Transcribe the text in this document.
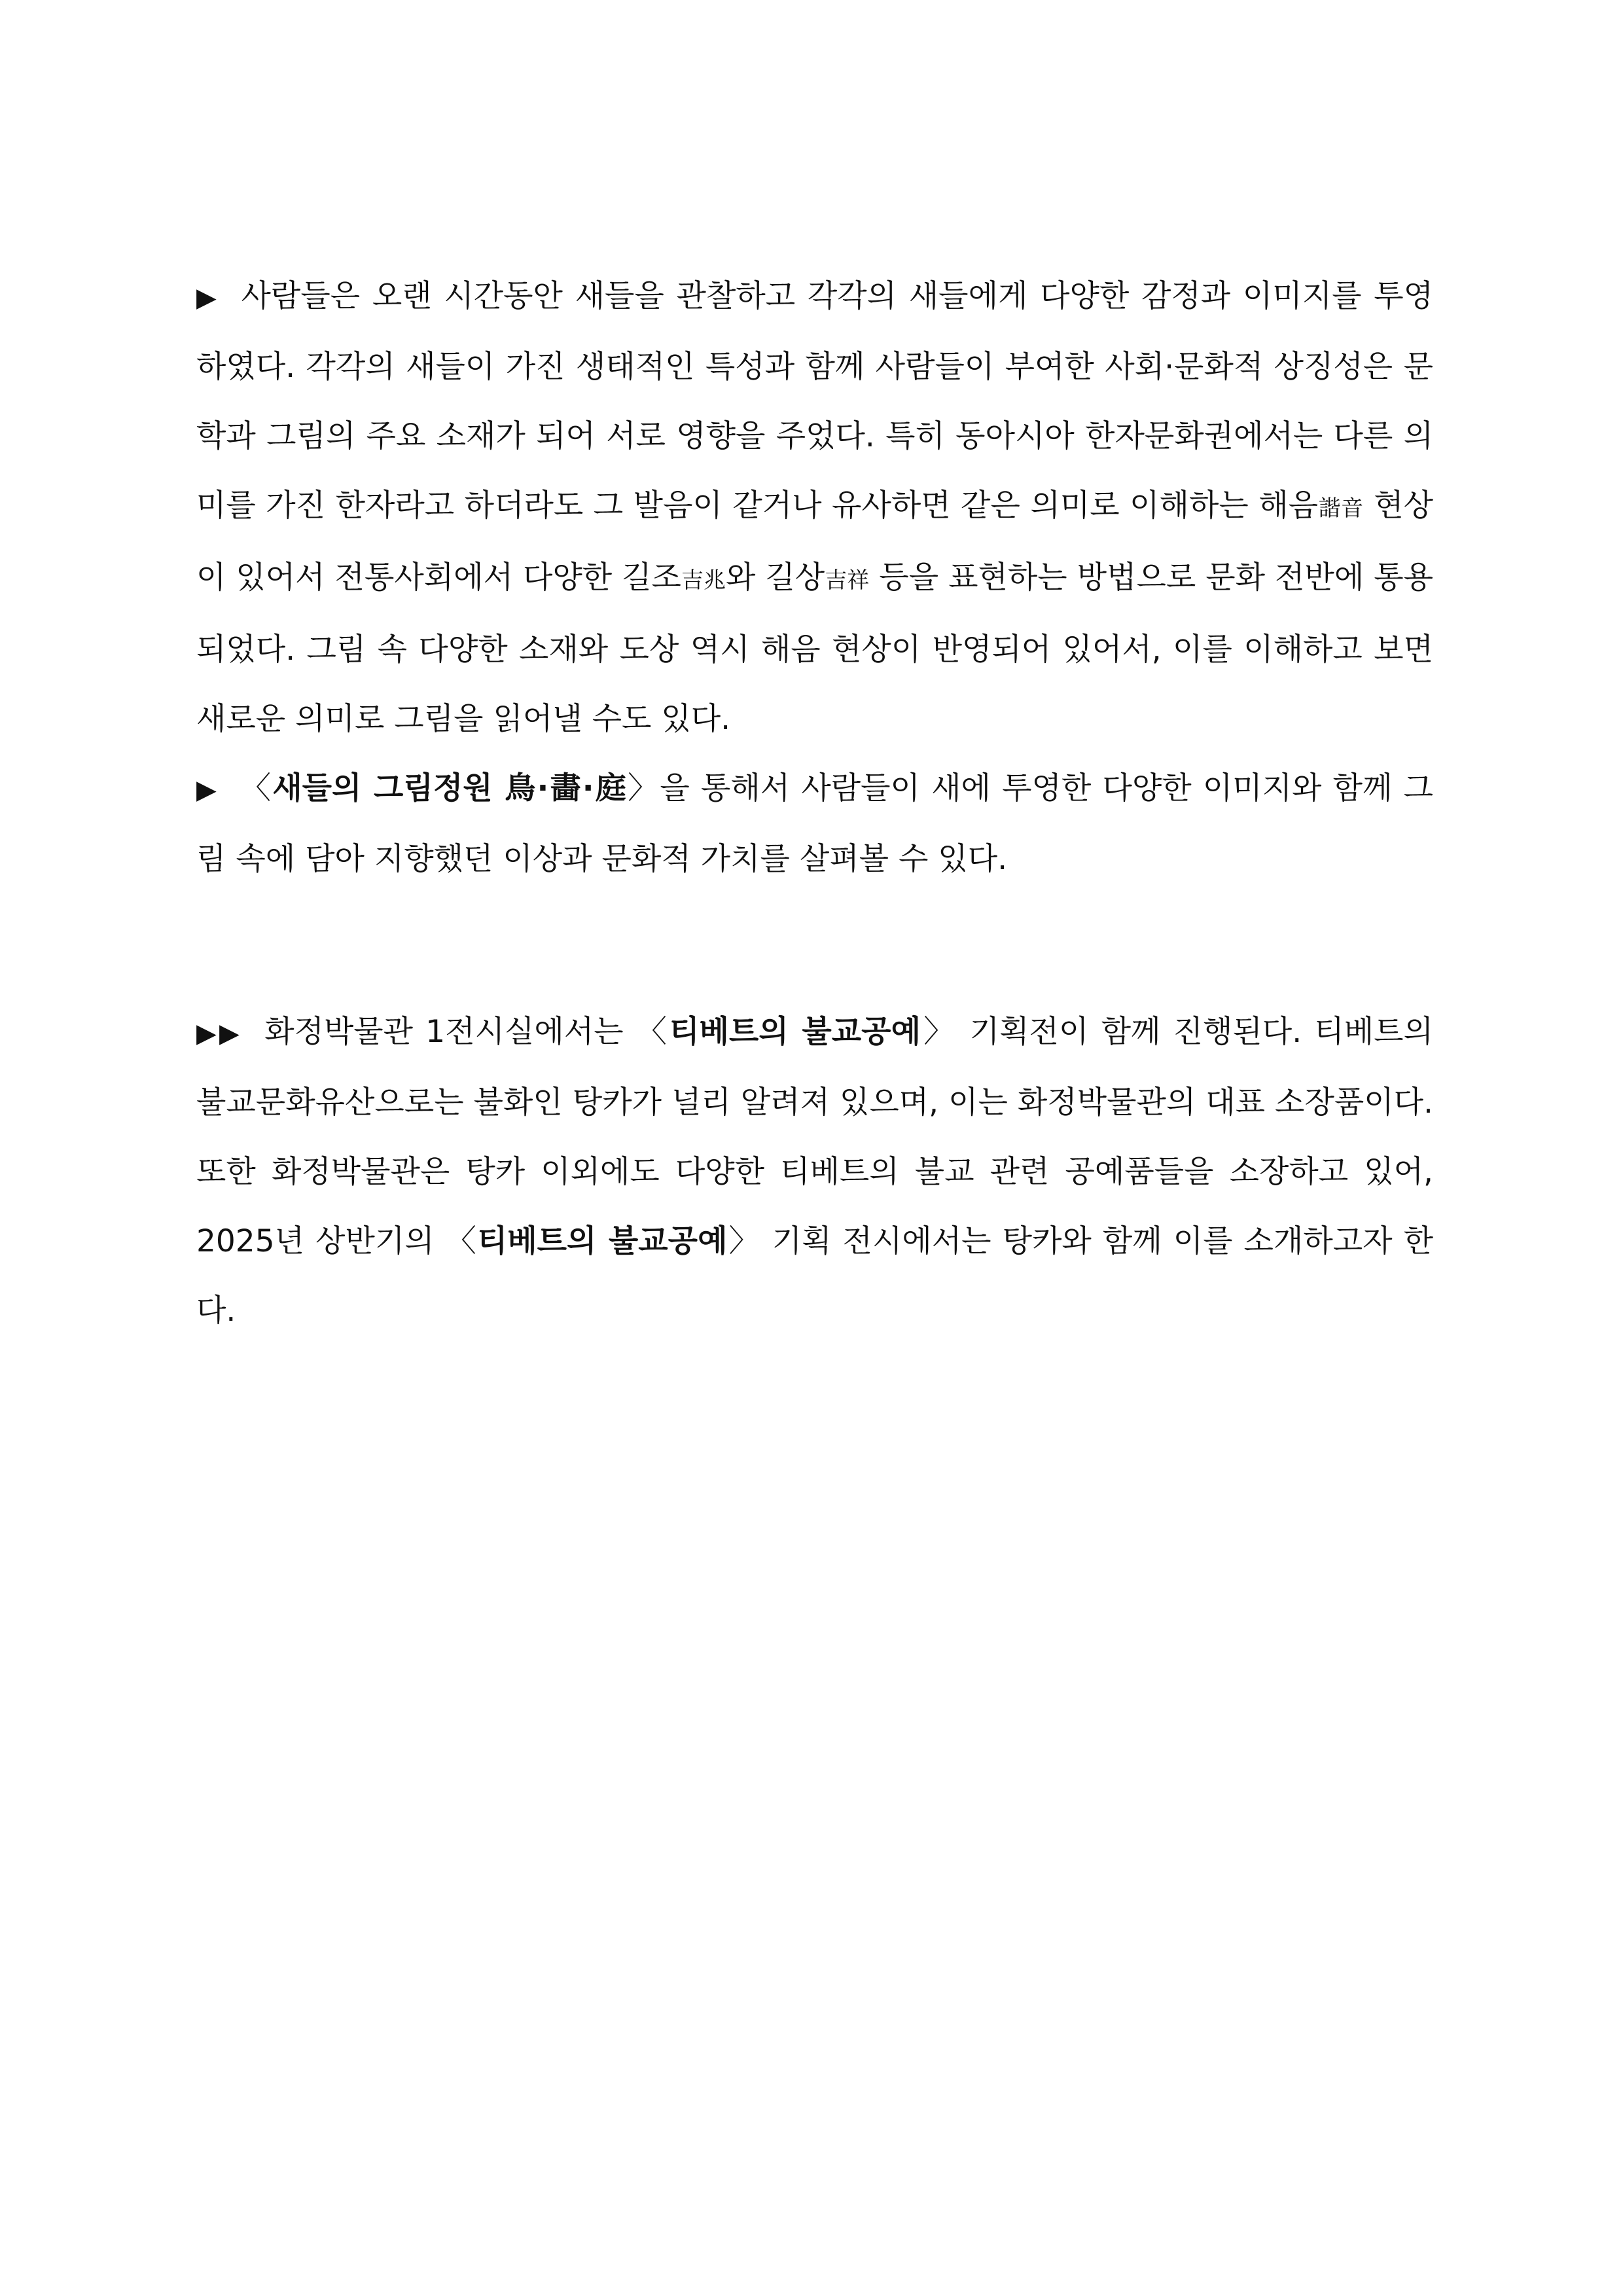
▶ 사람들은 오랜 시간동안 새들을 관찰하고 각각의 새들에게 다양한 감정과 이미지를 투영하였다. 각각의 새들이 가진 생태적인 특성과 함께 사람들이 부여한 사회·문화적 상징성은 문학과 그림의 주요 소재가 되어 서로 영향을 주었다. 특히 동아시아 한자문화권에서는 다른 의미를 가진 한자라고 하더라도 그 발음이 같거나 유사하면 같은 의미로 이해하는 해음諧音 현상이 있어서 전통사회에서 다양한 길조吉兆와 길상吉祥 등을 표현하는 방법으로 문화 전반에 통용되었다. 그림 속 다양한 소재와 도상 역시 해음 현상이 반영되어 있어서, 이를 이해하고 보면 새로운 의미로 그림을 읽어낼 수도 있다.

▶ 〈새들의 그림정원 鳥·畵·庭〉을 통해서 사람들이 새에 투영한 다양한 이미지와 함께 그림 속에 담아 지향했던 이상과 문화적 가치를 살펴볼 수 있다.

▶▶ 화정박물관 1전시실에서는 〈티베트의 불교공예〉 기획전이 함께 진행된다. 티베트의 불교문화유산으로는 불화인 탕카가 널리 알려져 있으며, 이는 화정박물관의 대표 소장품이다. 또한 화정박물관은 탕카 이외에도 다양한 티베트의 불교 관련 공예품들을 소장하고 있어, 2025년 상반기의 〈티베트의 불교공예〉 기획 전시에서는 탕카와 함께 이를 소개하고자 한다.
